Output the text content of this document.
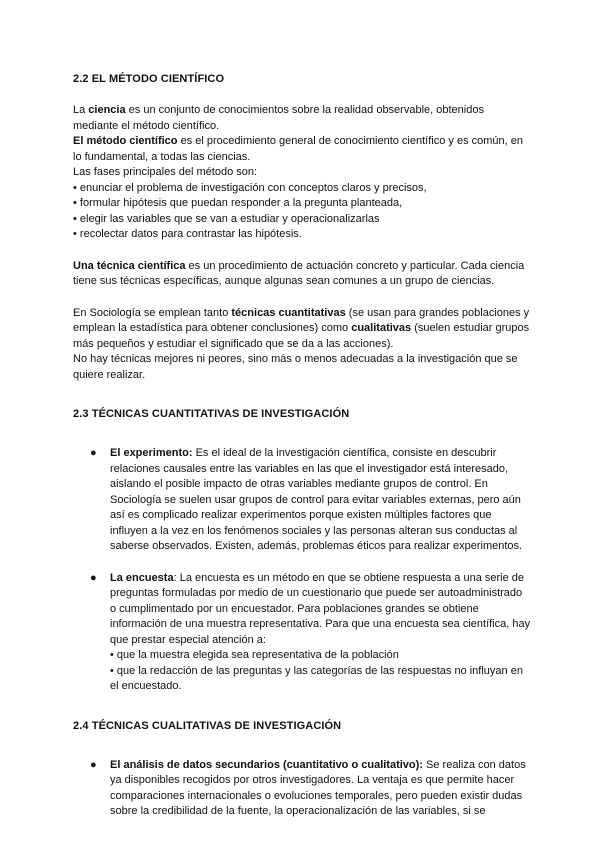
2.2 EL MÉTODO CIENTÍFICO

La ciencia es un conjunto de conocimientos sobre la realidad observable, obtenidos mediante el método científico.

El método científico es el procedimiento general de conocimiento científico y es común, en lo fundamental, a todas las ciencias.

Las fases principales del método son:

• enunciar el problema de investigación con conceptos claros y precisos,

• formular hipótesis que puedan responder a la pregunta planteada,

• elegir las variables que se van a estudiar y operacionalizarlas

• recolectar datos para contrastar las hipótesis.

Una técnica científica es un procedimiento de actuación concreto y particular. Cada ciencia tiene sus técnicas específicas, aunque algunas sean comunes a un grupo de ciencias.

En Sociología se emplean tanto técnicas cuantitativas (se usan para grandes poblaciones y emplean la estadística para obtener conclusiones) como cualitativas (suelen estudiar grupos más pequeños y estudiar el significado que se da a las acciones).

No hay técnicas mejores ni peores, sino más o menos adecuadas a la investigación que se quiere realizar.

2.3 TÉCNICAS CUANTITATIVAS DE INVESTIGACIÓN
● El experimento: Es el ideal de la investigación científica, consiste en descubrir relaciones causales entre las variables en las que el investigador está interesado, aislando el posible impacto de otras variables mediante grupos de control. En Sociología se suelen usar grupos de control para evitar variables externas, pero aún así es complicado realizar experimentos porque existen múltiples factores que influyen a la vez en los fenómenos sociales y las personas alteran sus conductas al saberse observados. Existen, además, problemas éticos para realizar experimentos.
● La encuesta: La encuesta es un método en que se obtiene respuesta a una serie de preguntas formuladas por medio de un cuestionario que puede ser autoadministrado o cumplimentado por un encuestador. Para poblaciones grandes se obtiene información de una muestra representativa. Para que una encuesta sea científica, hay que prestar especial atención a:
• que la muestra elegida sea representativa de la población
• que la redacción de las preguntas y las categorías de las respuestas no influyan en el encuestado.
2.4 TÉCNICAS CUALITATIVAS DE INVESTIGACIÓN
● El análisis de datos secundarios (cuantitativo o cualitativo): Se realiza con datos ya disponibles recogidos por otros investigadores. La ventaja es que permite hacer comparaciones internacionales o evoluciones temporales, pero pueden existir dudas sobre la credibilidad de la fuente, la operacionalización de las variables, si se
